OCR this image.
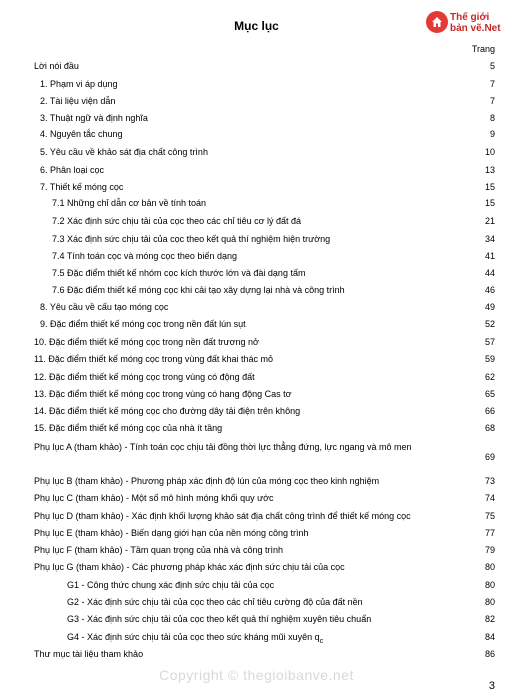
Mục lục
Thế giới
bản vẽ.Net
Trang
Lời nói đầu	5
1. Phạm vi áp dụng	7
2. Tài liệu viện dẫn	7
3. Thuật ngữ và định nghĩa	8
4. Nguyên tắc chung	9
5. Yêu cầu về khảo sát địa chất công trình	10
6. Phân loại cọc	13
7. Thiết kế móng cọc	15
7.1 Những chỉ dẫn cơ bản về tính toán	15
7.2 Xác định sức chịu tải của cọc theo các chỉ tiêu cơ lý đất đá	21
7.3 Xác định sức chịu tải của cọc theo kết quả thí nghiệm hiện trường	34
7.4 Tính toán cọc và móng cọc theo biến dạng	41
7.5 Đặc điểm thiết kế nhóm cọc kích thước lớn và đài dạng tấm	44
7.6 Đặc điểm thiết kế móng cọc khi cải tạo xây dựng lại nhà và công trình	46
8. Yêu cầu về cấu tạo móng cọc	49
9. Đặc điểm thiết kế móng cọc trong nền đất lún sụt	52
10. Đặc điểm thiết kế móng cọc trong nền đất trương nở	57
11. Đặc điểm thiết kế móng cọc trong vùng đất khai thác mỏ	59
12. Đặc điểm thiết kế móng cọc trong vùng có động đất	62
13. Đặc điểm thiết kế móng cọc trong vùng có hang động Cas tơ	65
14. Đặc điểm thiết kế móng cọc cho đường dây tải điện trên không	66
15. Đặc điểm thiết kế móng cọc của nhà ít tầng	68
Phụ lục A (tham khảo) - Tính toán cọc chịu tải đồng thời lực thẳng đứng, lực ngang và mô men
69
Phụ lục B (tham khảo) - Phương pháp xác định độ lún của móng cọc theo kinh nghiệm	73
Phụ lục C (tham khảo) - Một số mô hình móng khối quy ước	74
Phụ lục D (tham khảo) - Xác định khối lượng khảo sát địa chất công trình để thiết kế móng cọc	75
Phụ lục E (tham khảo) - Biến dạng giới hạn của nền móng công trình	77
Phụ lục F (tham khảo) - Tầm quan trọng của nhà và công trình	79
Phụ lục G (tham khảo) - Các phương pháp khác xác định sức chịu tải của cọc	80
G1 - Công thức chung xác định sức chịu tải của cọc	80
G2 - Xác định sức chịu tải của cọc theo các chỉ tiêu cường độ của đất nền	80
G3 - Xác định sức chịu tải của cọc theo kết quả thí nghiệm xuyên tiêu chuẩn	82
G4 - Xác định sức chịu tải của cọc theo sức kháng mũi xuyên $q_c$	84
Thư mục tài liệu tham khảo	86
Copyright © thegioibanve.net
3
